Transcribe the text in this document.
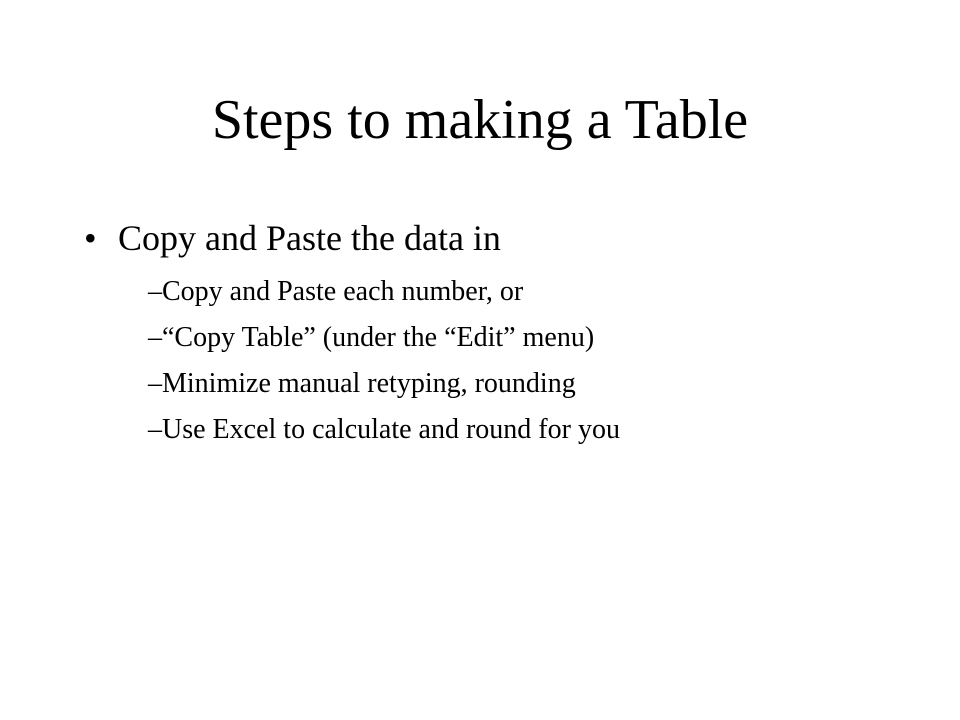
Steps to making a Table
• Copy and Paste the data in
– Copy and Paste each number, or
– “Copy Table” (under the “Edit” menu)
– Minimize manual retyping, rounding
– Use Excel to calculate and round for you
